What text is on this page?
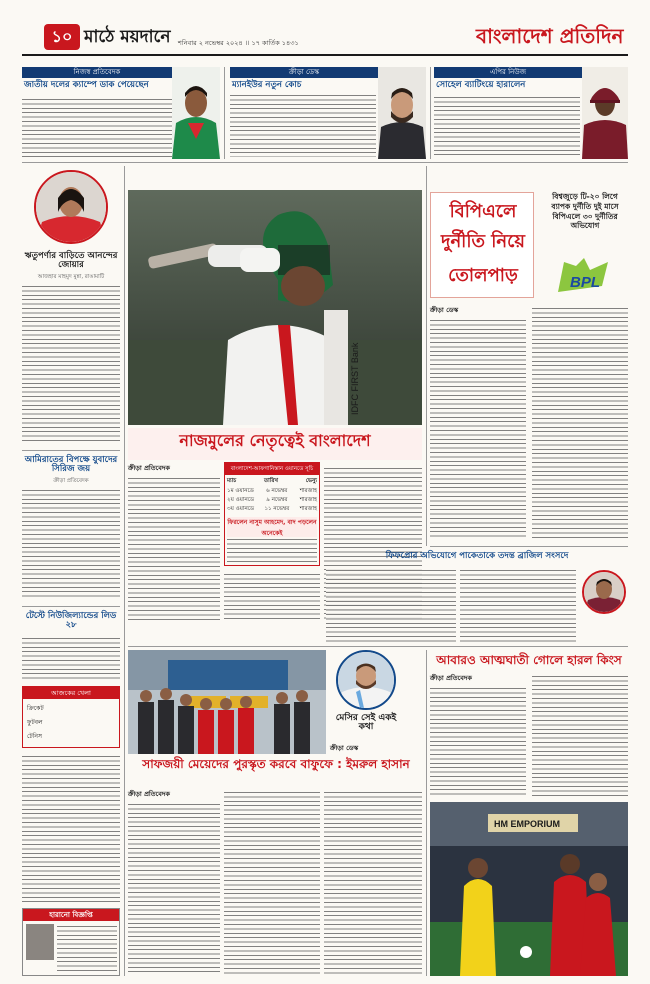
১০ মাঠে ময়দানে শনিবার ২ নভেম্বর ২০২৪ ।। ১৭ কার্তিক ১৪৩১	বাংলাদেশ প্রতিদিন
নিজস্ব প্রতিবেদক
জাতীয় দলের ক্যাম্পে ডাক পেয়েছেন
ক্রীড়া ডেস্ক
ম্যানইউর নতুন কোচ
এপির নিউজ
সোহেল ব্যাটিংয়ে হারালেন
ঋতুপর্ণার বাড়িতে আনন্দের জোয়ার
আজহার মাহমুদ মুন্না, রাঙামাটি
আমিরাতের বিপক্ষে যুবাদের সিরিজ জয়
ক্রীড়া প্রতিবেদক
টেস্টে নিউজিল্যান্ডের লিড ২৮
আজকের খেলা
ক্রিকেট
ফুটবল
টেনিস
হারানো বিজ্ঞপ্তি
IDFC FIRST Bank
নাজমুলের নেতৃত্বেই বাংলাদেশ
ক্রীড়া প্রতিবেদক	বাংলাদেশ-আফগানিস্তান ওয়ানডে সূচি
ম্যাচ	তারিখ	ভেন্যু
১ম ওয়ানডে ৬ নভেম্বর শারজাহ
২য় ওয়ানডে ৯ নভেম্বর শারজাহ
৩য় ওয়ানডে ১১ নভেম্বর শারজাহ
ফিরলেন নাসুম আহমেদ, বাদ পড়লেন অনেকেই
বিপিএলে
দুর্নীতি নিয়ে
তোলপাড়
বিশ্বজুড়ে টি-২০ লিগে ব্যাপক দুর্নীতি দুই মাসে বিপিএলে ৩০ দুর্নীতির অভিযোগ
BPL
ক্রীড়া ডেস্ক
ফিফপ্রোর অভিযোগে পাকেতাকে তদন্ত ব্রাজিল সংসদে
সাফজয়ী মেয়েদের পুরস্কৃত করবে বাফুফে : ইমরুল হাসান
ক্রীড়া প্রতিবেদক
মেসির সেই একই কথা
ক্রীড়া ডেস্ক
আবারও আত্মঘাতী গোলে হারল কিংস
ক্রীড়া প্রতিবেদক
HM EMPORIUM
